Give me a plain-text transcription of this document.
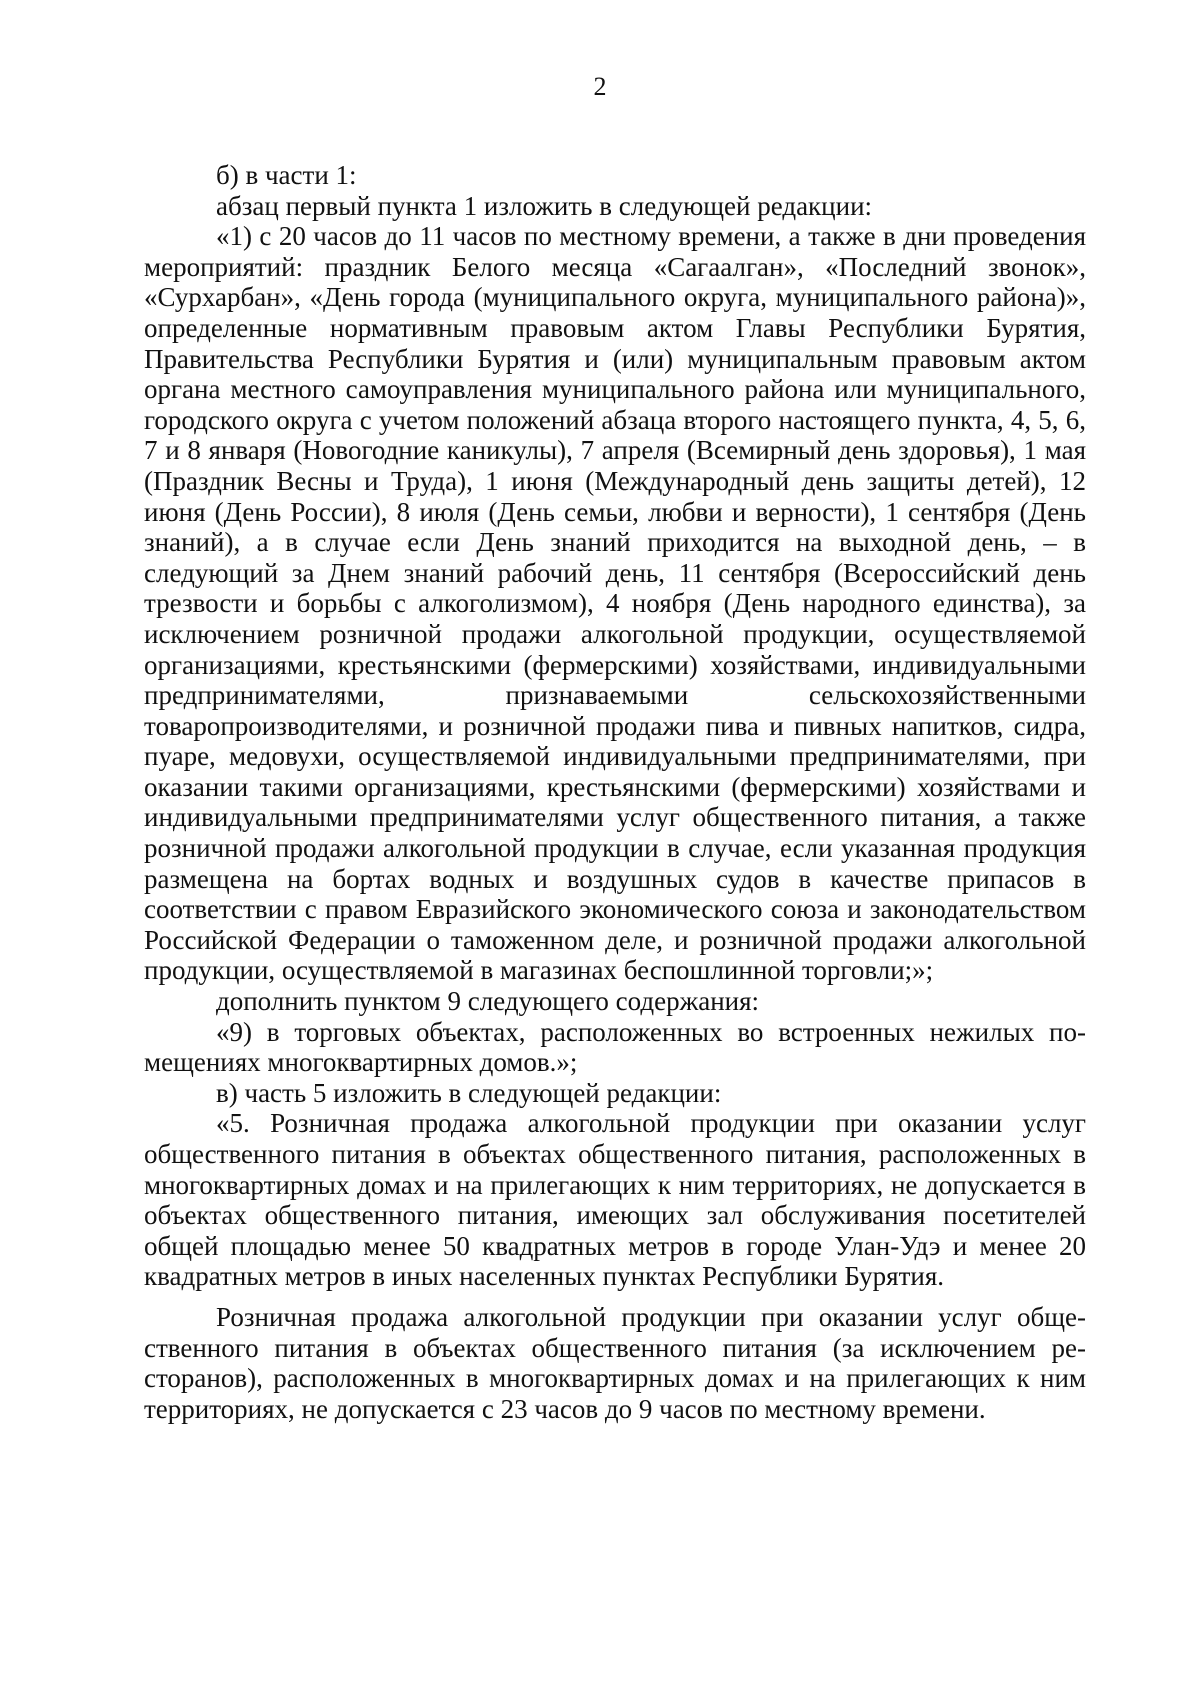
2

б) в части 1:

абзац первый пункта 1 изложить в следующей редакции:

«1) с 20 часов до 11 часов по местному времени, а также в дни проведения мероприятий: праздник Белого месяца «Сагаалган», «Последний звонок», «Сурхарбан», «День города (муниципального округа, муниципального района)», определенные нормативным правовым актом Главы Республики Бурятия, Правительства Республики Бурятия и (или) муниципальным правовым актом органа местного самоуправления муниципального района или муниципального, городского округа с учетом положений абзаца второго настоящего пункта, 4, 5, 6, 7 и 8 января (Новогодние каникулы), 7 апреля (Всемирный день здоровья), 1 мая (Праздник Весны и Труда), 1 июня (Международный день защиты детей), 12 июня (День России), 8 июля (День семьи, любви и верности), 1 сентября (День знаний), а в случае если День знаний приходится на выходной день, – в следующий за Днем знаний рабочий день, 11 сентября (Всероссийский день трезвости и борьбы с алкоголизмом), 4 ноября (День народного единства), за исключением розничной продажи алкогольной продукции, осуществляемой организациями, крестьянскими (фермерскими) хозяйствами, индивидуальными предпринимателями, признаваемыми сельскохозяйственными товаропроизводителями, и розничной продажи пива и пивных напитков, сидра, пуаре, медовухи, осуществляемой индивидуальными предпринимателями, при оказании такими организациями, крестьянскими (фермерскими) хозяйствами и индивидуальными предпринимателями услуг общественного питания, а также розничной продажи алкогольной продукции в случае, если указанная продукция размещена на бортах водных и воздушных судов в качестве припасов в соответствии с правом Евразийского экономического союза и законодательством Российской Федерации о таможенном деле, и розничной продажи алкогольной продукции, осуществляемой в магазинах беспошлинной торговли;»;

дополнить пунктом 9 следующего содержания:

«9) в торговых объектах, расположенных во встроенных нежилых помещениях многоквартирных домов.»;

в) часть 5 изложить в следующей редакции:

«5. Розничная продажа алкогольной продукции при оказании услуг общественного питания в объектах общественного питания, расположенных в многоквартирных домах и на прилегающих к ним территориях, не допускается в объектах общественного питания, имеющих зал обслуживания посетителей общей площадью менее 50 квадратных метров в городе Улан-Удэ и менее 20 квадратных метров в иных населенных пунктах Республики Бурятия.

Розничная продажа алкогольной продукции при оказании услуг общественного питания в объектах общественного питания (за исключением ресторанов), расположенных в многоквартирных домах и на прилегающих к ним территориях, не допускается с 23 часов до 9 часов по местному времени.
